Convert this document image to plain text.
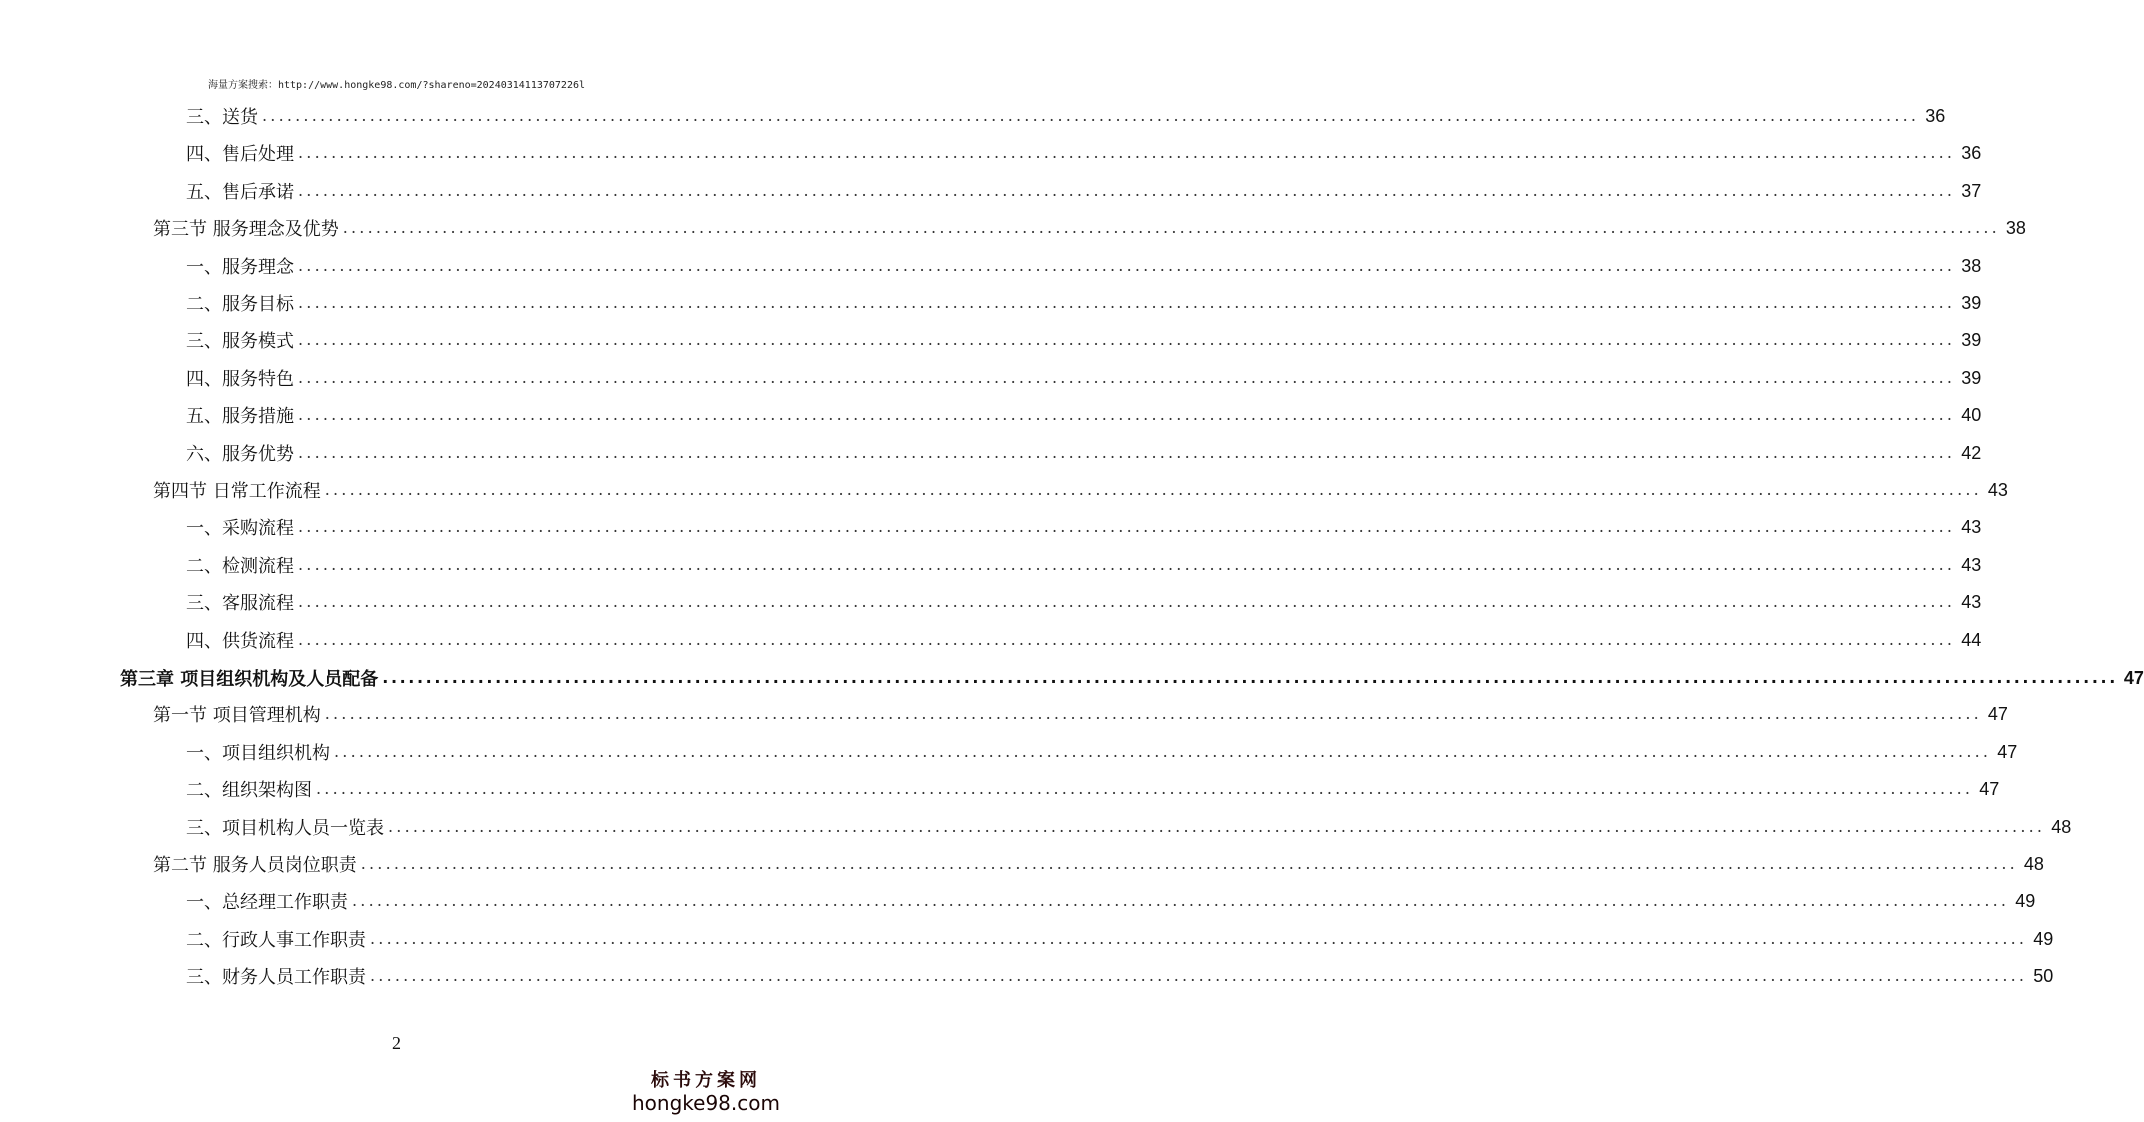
海量方案搜索：http://www.hongke98.com/?shareno=20240314113707226l
三、送货 ........................................................................................................................................................................................................ 36
四、售后处理 ........................................................................................................................................................................................................ 36
五、售后承诺 ........................................................................................................................................................................................................ 37
第三节 服务理念及优势 ........................................................................................................................................................................................................ 38
一、服务理念 ........................................................................................................................................................................................................ 38
二、服务目标 ........................................................................................................................................................................................................ 39
三、服务模式 ........................................................................................................................................................................................................ 39
四、服务特色 ........................................................................................................................................................................................................ 39
五、服务措施 ........................................................................................................................................................................................................ 40
六、服务优势 ........................................................................................................................................................................................................ 42
第四节 日常工作流程 ........................................................................................................................................................................................................ 43
一、采购流程 ........................................................................................................................................................................................................ 43
二、检测流程 ........................................................................................................................................................................................................ 43
三、客服流程 ........................................................................................................................................................................................................ 43
四、供货流程 ........................................................................................................................................................................................................ 44
第三章 项目组织机构及人员配备 ........................................................................................................................................................................................................ 47
第一节 项目管理机构 ........................................................................................................................................................................................................ 47
一、项目组织机构 ........................................................................................................................................................................................................ 47
二、组织架构图 ........................................................................................................................................................................................................ 47
三、项目机构人员一览表 ........................................................................................................................................................................................................ 48
第二节 服务人员岗位职责 ........................................................................................................................................................................................................ 48
一、总经理工作职责 ........................................................................................................................................................................................................ 49
二、行政人事工作职责 ........................................................................................................................................................................................................ 49
三、财务人员工作职责 ........................................................................................................................................................................................................ 50
2
标书方案网
hongke98.com
